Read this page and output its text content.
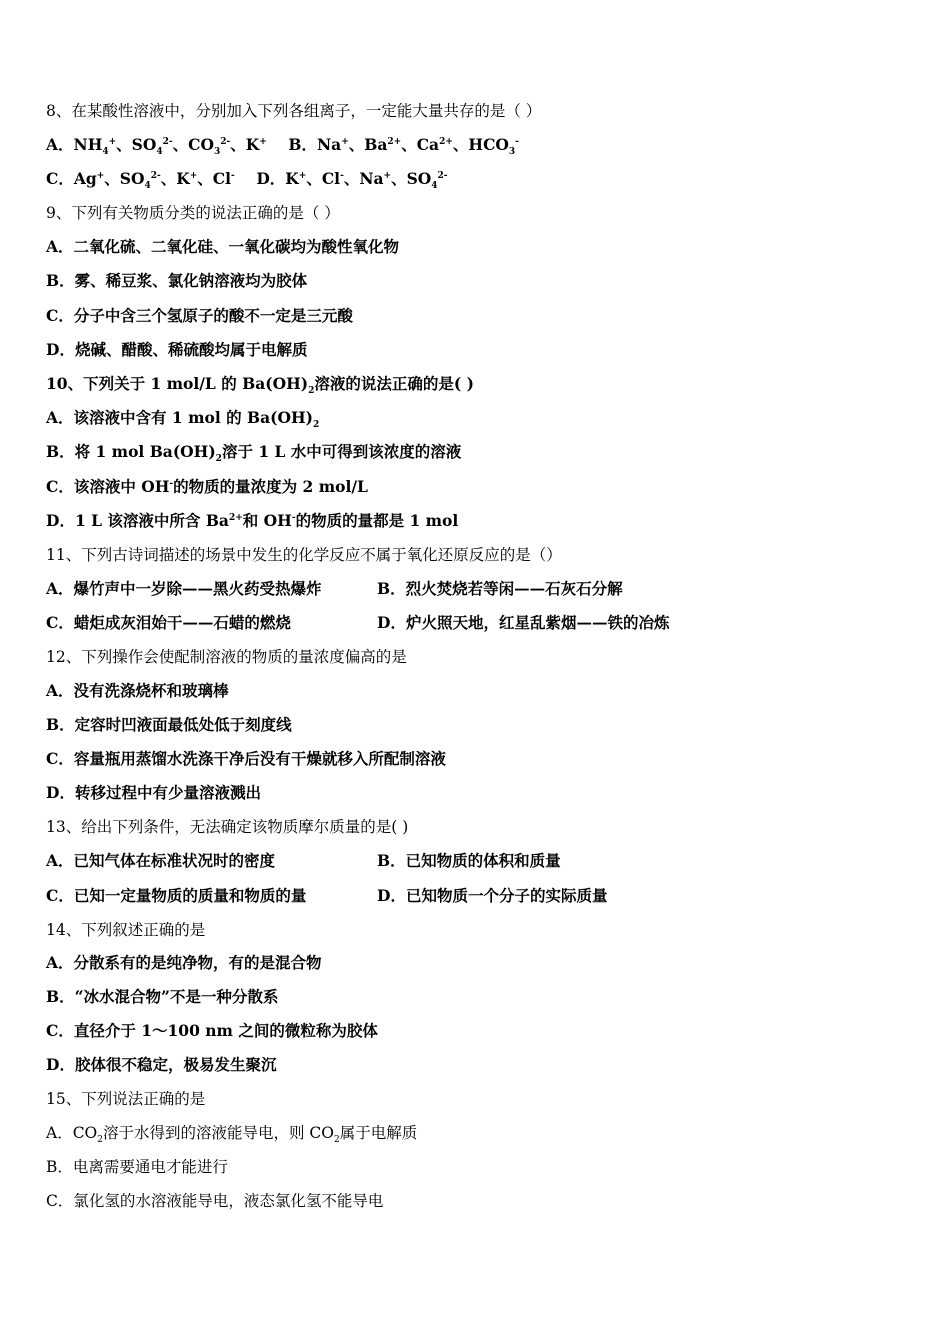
8、在某酸性溶液中，分别加入下列各组离子，一定能大量共存的是（ ）
A．$NH_4^+$、$SO_4^{2-}$、$CO_3^{2-}$、K+ B．Na+、$Ba^{2+}$、$Ca^{2+}$、$HCO_3^-$
C．Ag+、$SO_4^{2-}$、K+、Cl- D．K+、Cl-、Na+、$SO_4^{2-}$
9、下列有关物质分类的说法正确的是（ ）
A．二氧化硫、二氧化硅、一氧化碳均为酸性氧化物
B．雾、稀豆浆、氯化钠溶液均为胶体
C．分子中含三个氢原子的酸不一定是三元酸
D．烧碱、醋酸、稀硫酸均属于电解质
10、下列关于 1 mol/L 的 $Ba(OH)_2$溶液的说法正确的是( )
A．该溶液中含有 1 mol 的 $Ba(OH)_2$
B．将 1 mol $Ba(OH)_2$溶于 1 L 水中可得到该浓度的溶液
C．该溶液中 OH-的物质的量浓度为 2 mol/L
D．1 L 该溶液中所含 $Ba^{2+}$和 OH-的物质的量都是 1 mol
11、下列古诗词描述的场景中发生的化学反应不属于氧化还原反应的是（）
A．爆竹声中一岁除——黑火药受热爆炸	B．烈火焚烧若等闲——石灰石分解
C．蜡炬成灰泪始干——石蜡的燃烧	D．炉火照天地，红星乱紫烟——铁的冶炼
12、下列操作会使配制溶液的物质的量浓度偏高的是
A．没有洗涤烧杯和玻璃棒
B．定容时凹液面最低处低于刻度线
C．容量瓶用蒸馏水洗涤干净后没有干燥就移入所配制溶液
D．转移过程中有少量溶液溅出
13、给出下列条件，无法确定该物质摩尔质量的是( )
A．已知气体在标准状况时的密度	B．已知物质的体积和质量
C．已知一定量物质的质量和物质的量	D．已知物质一个分子的实际质量
14、下列叙述正确的是
A．分散系有的是纯净物，有的是混合物
B．“冰水混合物”不是一种分散系
C．直径介于 1～100 nm 之间的微粒称为胶体
D．胶体很不稳定，极易发生聚沉
15、下列说法正确的是
A．$CO_2$溶于水得到的溶液能导电，则 $CO_2$属于电解质
B．电离需要通电才能进行
C．氯化氢的水溶液能导电，液态氯化氢不能导电
